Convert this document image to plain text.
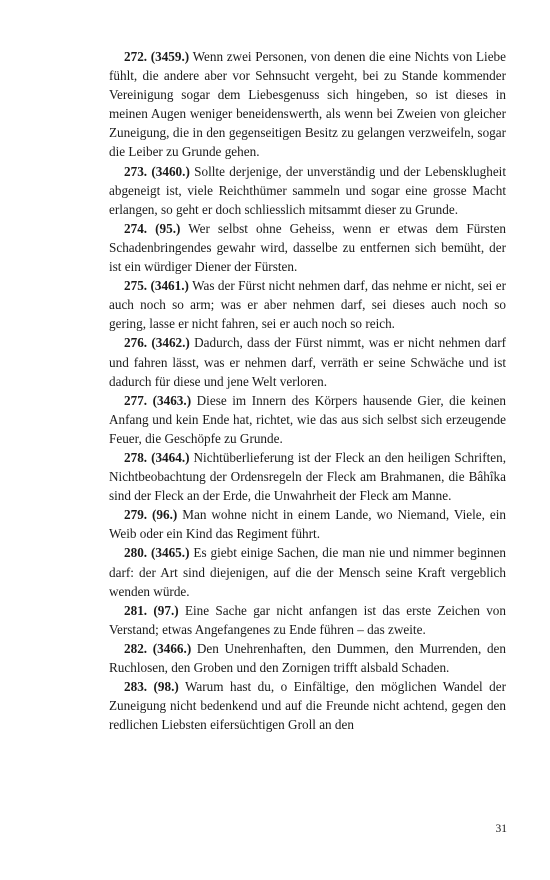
272. (3459.) Wenn zwei Personen, von denen die eine Nichts von Liebe fühlt, die andere aber vor Sehnsucht vergeht, bei zu Stande kommender Vereinigung sogar dem Liebesgenuss sich hingeben, so ist dieses in meinen Augen weniger beneidenswerth, als wenn bei Zweien von gleicher Zuneigung, die in den gegenseitigen Besitz zu gelangen verzweifeln, sogar die Leiber zu Grunde gehen.

273. (3460.) Sollte derjenige, der unverständig und der Lebensklugheit abgeneigt ist, viele Reichthümer sammeln und sogar eine grosse Macht erlangen, so geht er doch schliesslich mitsammt dieser zu Grunde.

274. (95.) Wer selbst ohne Geheiss, wenn er etwas dem Fürsten Schadenbringendes gewahr wird, dasselbe zu entfernen sich bemüht, der ist ein würdiger Diener der Fürsten.

275. (3461.) Was der Fürst nicht nehmen darf, das nehme er nicht, sei er auch noch so arm; was er aber nehmen darf, sei dieses auch noch so gering, lasse er nicht fahren, sei er auch noch so reich.

276. (3462.) Dadurch, dass der Fürst nimmt, was er nicht nehmen darf und fahren lässt, was er nehmen darf, verräth er seine Schwäche und ist dadurch für diese und jene Welt verloren.

277. (3463.) Diese im Innern des Körpers hausende Gier, die keinen Anfang und kein Ende hat, richtet, wie das aus sich selbst sich erzeugende Feuer, die Geschöpfe zu Grunde.

278. (3464.) Nichtüberlieferung ist der Fleck an den heiligen Schriften, Nichtbeobachtung der Ordensregeln der Fleck am Brahmanen, die Bâhîka sind der Fleck an der Erde, die Unwahrheit der Fleck am Manne.

279. (96.) Man wohne nicht in einem Lande, wo Niemand, Viele, ein Weib oder ein Kind das Regiment führt.

280. (3465.) Es giebt einige Sachen, die man nie und nimmer beginnen darf: der Art sind diejenigen, auf die der Mensch seine Kraft vergeblich wenden würde.

281. (97.) Eine Sache gar nicht anfangen ist das erste Zeichen von Verstand; etwas Angefangenes zu Ende führen – das zweite.

282. (3466.) Den Unehrenhaften, den Dummen, den Murrenden, den Ruchlosen, den Groben und den Zornigen trifft alsbald Schaden.

283. (98.) Warum hast du, o Einfältige, den möglichen Wandel der Zuneigung nicht bedenkend und auf die Freunde nicht achtend, gegen den redlichen Liebsten eifersüchtigen Groll an den

31
